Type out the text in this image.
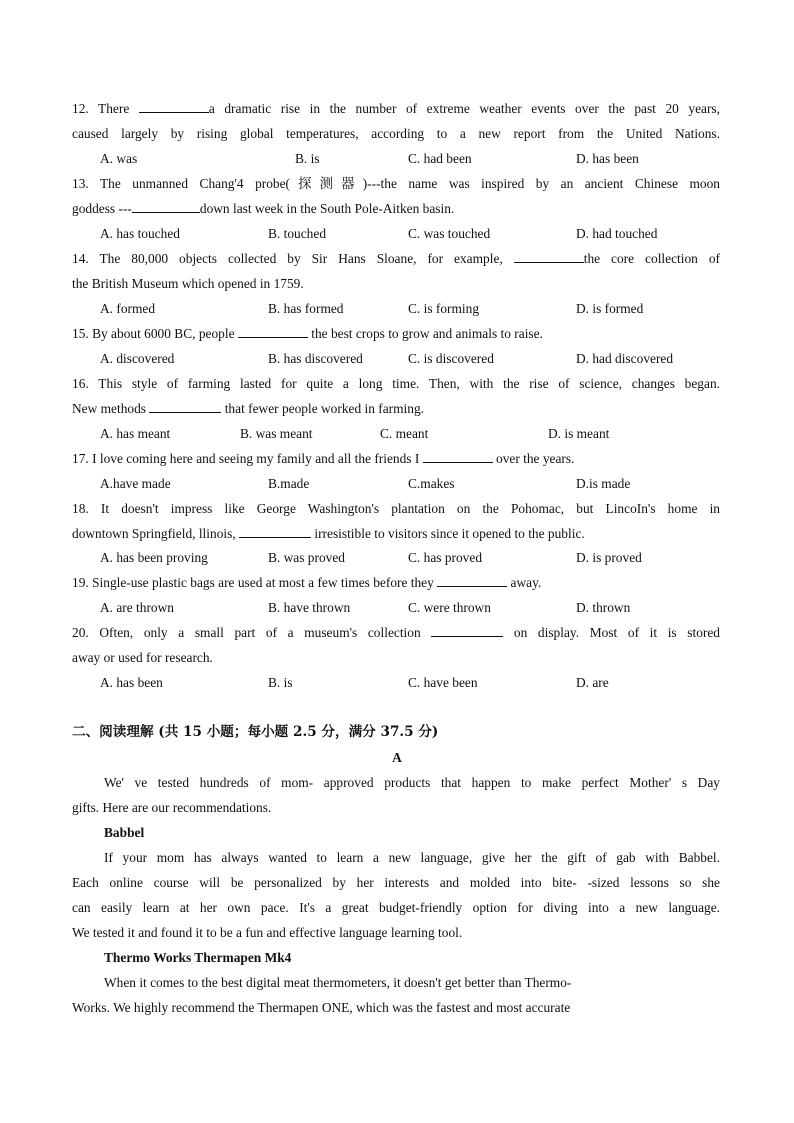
12. There	a dramatic rise in the number of extreme weather events over the past 20 years,
caused largely by rising global temperatures, according to a new report from the United Nations.
A. was	B. is	C. had been	D. has been
13. The unmanned Chang'4 probe(探测器)---the name was inspired by an ancient Chinese moon
goddess ---	down last week in the South Pole-Aitken basin.
A. has touched	B. touched	C. was touched	D. had touched
14. The 80,000 objects collected by Sir Hans Sloane, for example,	the core collection of
the British Museum which opened in 1759.
A. formed	B. has formed	C. is forming	D. is formed
15. By about 6000 BC, people	the best crops to grow and animals to raise.
A. discovered	B. has discovered	C. is discovered	D. had discovered
16. This style of farming lasted for quite a long time. Then, with the rise of science, changes began.
New methods	that fewer people worked in farming.
A. has meant	B. was meant	C. meant	D. is meant
17. I love coming here and seeing my family and all the friends I	over the years.
A.have made	B.made	C.makes	D.is made
18. It doesn't impress like George Washington's plantation on the Pohomac, but LincoIn's home in
downtown Springfield, llinois,	irresistible to visitors since it opened to the public.
A. has been proving	B. was proved	C. has proved	D. is proved
19. Single-use plastic bags are used at most a few times before they	away.
A. are thrown	B. have thrown	C. were thrown	D. thrown
20. Often, only a small part of a museum's collection	on display. Most of it is stored
away or used for research.
A. has been	B. is	C. have been	D. are
二、阅读理解 (共 15 小题；每小题 2.5 分，满分 37.5 分)
A
We' ve tested hundreds of mom- approved products that happen to make perfect Mother' s Day
gifts. Here are our recommendations.
Babbel
If your mom has always wanted to learn a new language, give her the gift of gab with Babbel.
Each online course will be personalized by her interests and molded into bite- -sized lessons so she
can easily learn at her own pace. It's a great budget-friendly option for diving into a new language.
We tested it and found it to be a fun and effective language learning tool.
Thermo Works Thermapen Mk4
When it comes to the best digital meat thermometers, it doesn't get better than Thermo-
Works. We highly recommend the Thermapen ONE, which was the fastest and most accurate
